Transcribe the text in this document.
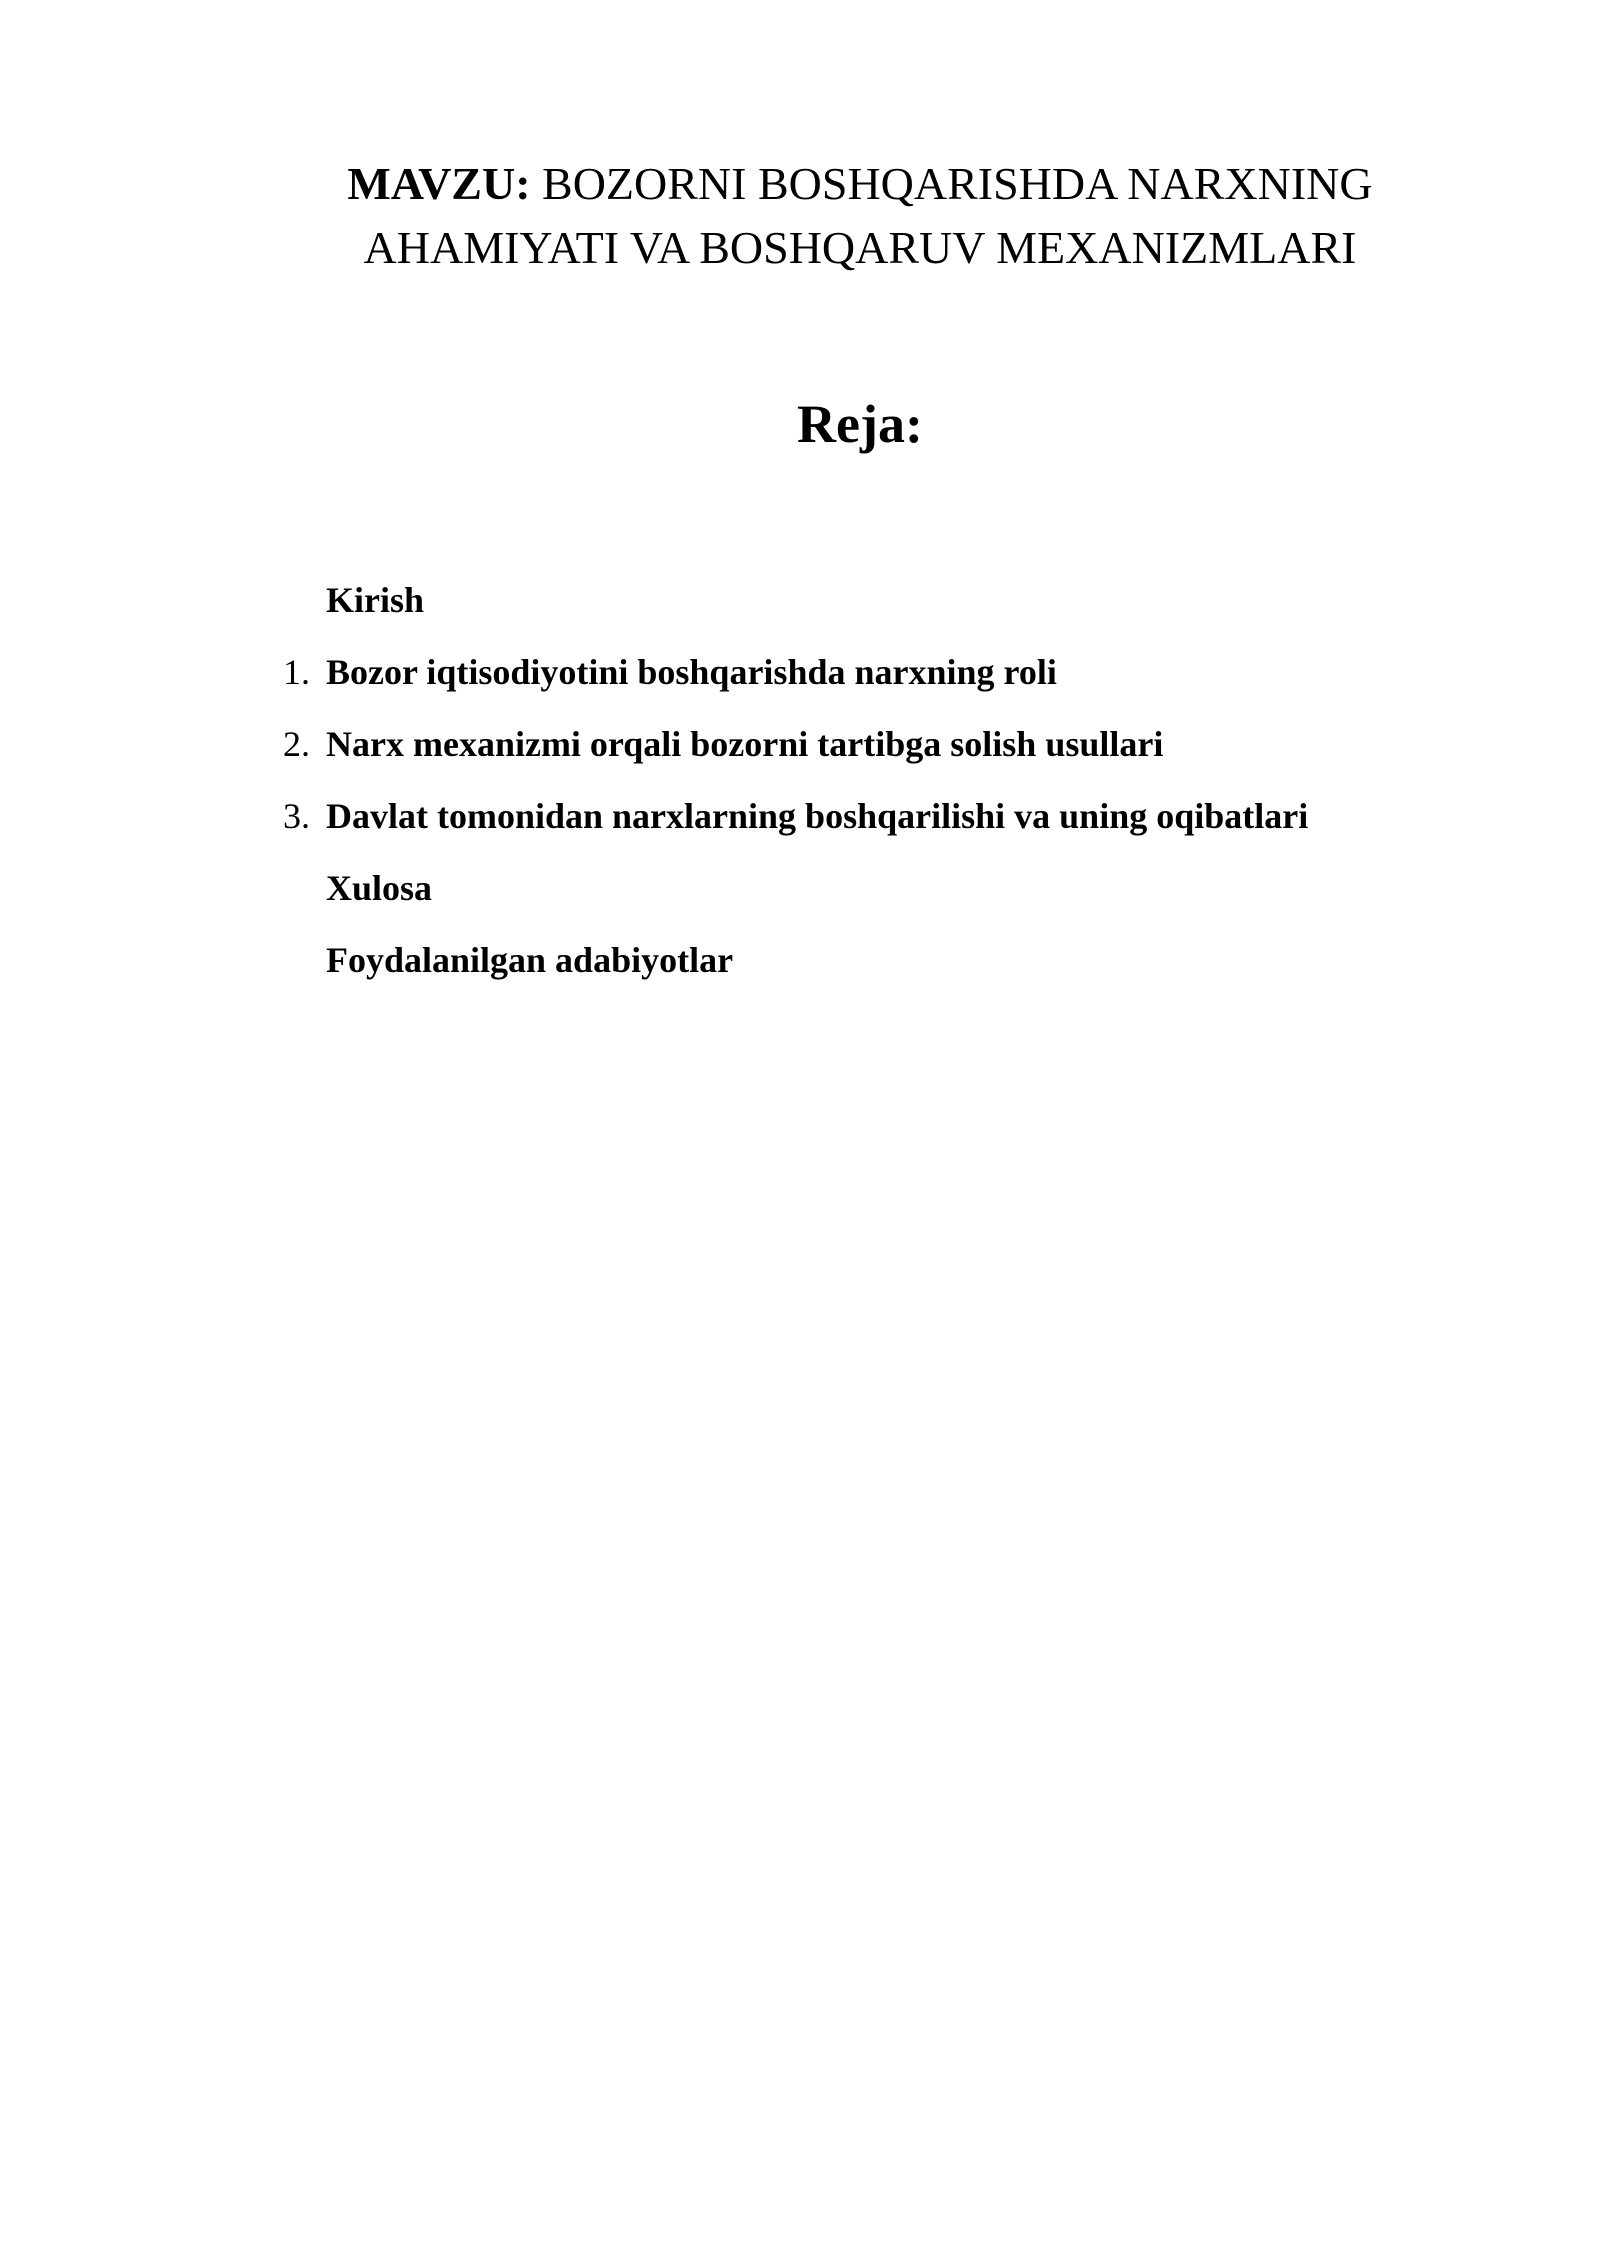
MAVZU: BOZORNI BOSHQARISHDA NARXNING
AHAMIYATI VA BOSHQARUV MEXANIZMLARI
Reja:
Kirish
1. Bozor iqtisodiyotini boshqarishda narxning roli
2. Narx mexanizmi orqali bozorni tartibga solish usullari
3. Davlat tomonidan narxlarning boshqarilishi va uning oqibatlari
Xulosa
Foydalanilgan adabiyotlar
